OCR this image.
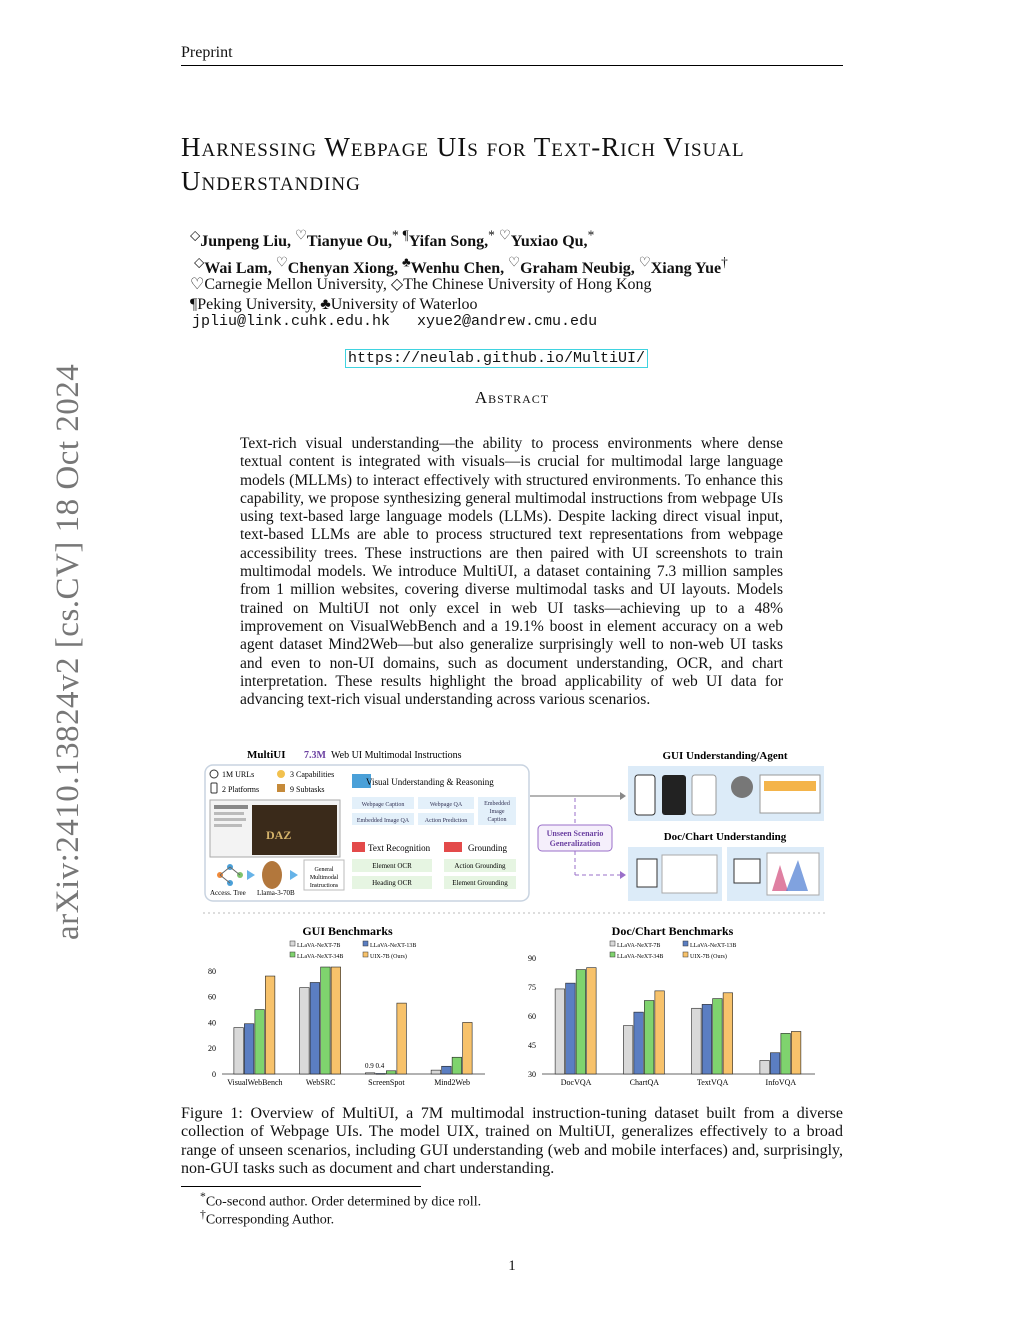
Preprint
Harnessing Webpage UIs for Text-Rich Visual Understanding
◇Junpeng Liu, ♡Tianyue Ou,* ¶Yifan Song,* ♡Yuxiao Qu,*
◇Wai Lam, ♡Chenyan Xiong, ♣Wenhu Chen, ♡Graham Neubig, ♡Xiang Yue†
♡Carnegie Mellon University, ◇The Chinese University of Hong Kong
¶Peking University, ♣University of Waterloo
jpliu@link.cuhk.edu.hk   xyue2@andrew.cmu.edu
https://neulab.github.io/MultiUI/
Abstract
Text-rich visual understanding—the ability to process environments where dense textual content is integrated with visuals—is crucial for multimodal large language models (MLLMs) to interact effectively with structured environments. To enhance this capability, we propose synthesizing general multimodal instructions from webpage UIs using text-based large language models (LLMs). Despite lacking direct visual input, text-based LLMs are able to process structured text representations from webpage accessibility trees. These instructions are then paired with UI screenshots to train multimodal models. We introduce MultiUI, a dataset containing 7.3 million samples from 1 million websites, covering diverse multimodal tasks and UI layouts. Models trained on MultiUI not only excel in web UI tasks—achieving up to a 48% improvement on VisualWebBench and a 19.1% boost in element accuracy on a web agent dataset Mind2Web—but also generalize surprisingly well to non-web UI tasks and even to non-UI domains, such as document understanding, OCR, and chart interpretation. These results highlight the broad applicability of web UI data for advancing text-rich visual understanding across various scenarios.
arXiv:2410.13824v2 [cs.CV] 18 Oct 2024	MultiUI 7.3M Web UI Multimodal Instructions
1M URLs	3 Capabilities
2 Platforms	9 Subtasks
DAZ
Access. Tree Llama-3-70B
General
Multimodal
Instructions
Visual Understanding & Reasoning
Webpage Caption	Webpage QA
Embedded Image QA	Action Prediction
Embedded
Image
Caption
Text Recognition
Element OCR
Heading OCR
Grounding
Action Grounding
Element Grounding
Unseen Scenario
Generalization
GUI Understanding/Agent
Doc/Chart Understanding
GUI Benchmarks
LLaVA-NeXT-7B	LLaVA-NeXT-13B
LLaVA-NeXT-34B	UIX-7B (Ours)
0
20
40
60
80
VisualWebBench	WebSRC	ScreenSpot	Mind2Web
0.9 0.4
Doc/Chart Benchmarks
LLaVA-NeXT-7B	LLaVA-NeXT-13B
LLaVA-NeXT-34B	UIX-7B (Ours)
30
45
60
75
90
DocVQA	ChartQA	TextVQA	InfoVQA
Figure 1: Overview of MultiUI, a 7M multimodal instruction-tuning dataset built from a diverse collection of Webpage UIs. The model UIX, trained on MultiUI, generalizes effectively to a broad range of unseen scenarios, including GUI understanding (web and mobile interfaces) and, surprisingly, non-GUI tasks such as document and chart understanding.
*Co-second author. Order determined by dice roll.
†Corresponding Author.
1
